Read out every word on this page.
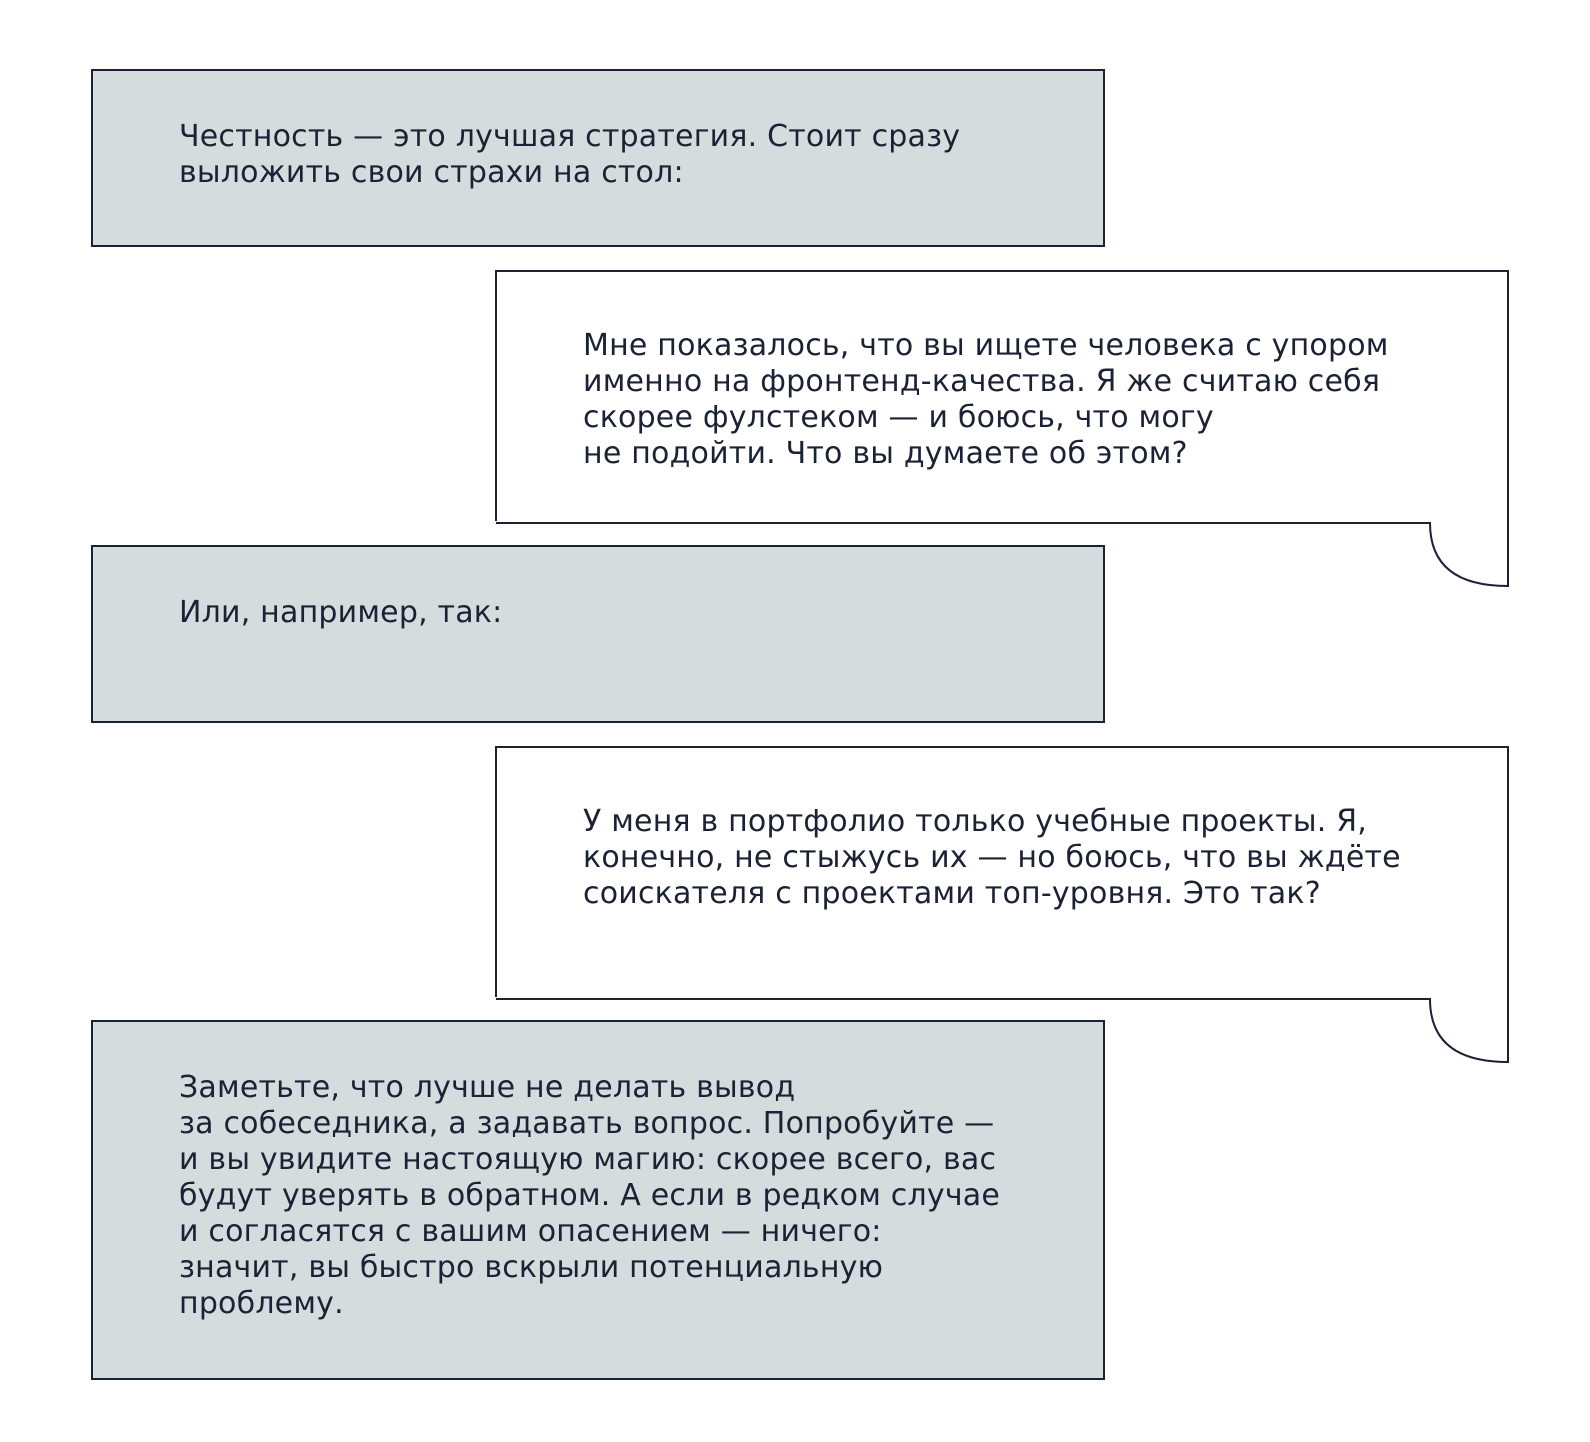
Честность — это лучшая стратегия. Стоит сразу
выложить свои страхи на стол:
Мне показалось, что вы ищете человека с упором
именно на фронтенд-качества. Я же считаю себя
скорее фулстеком — и боюсь, что могу
не подойти. Что вы думаете об этом?
Или, например, так:
У меня в портфолио только учебные проекты. Я,
конечно, не стыжусь их — но боюсь, что вы ждёте
соискателя с проектами топ-уровня. Это так?
Заметьте, что лучше не делать вывод
за собеседника, а задавать вопрос. Попробуйте —
и вы увидите настоящую магию: скорее всего, вас
будут уверять в обратном. А если в редком случае
и согласятся с вашим опасением — ничего:
значит, вы быстро вскрыли потенциальную
проблему.
